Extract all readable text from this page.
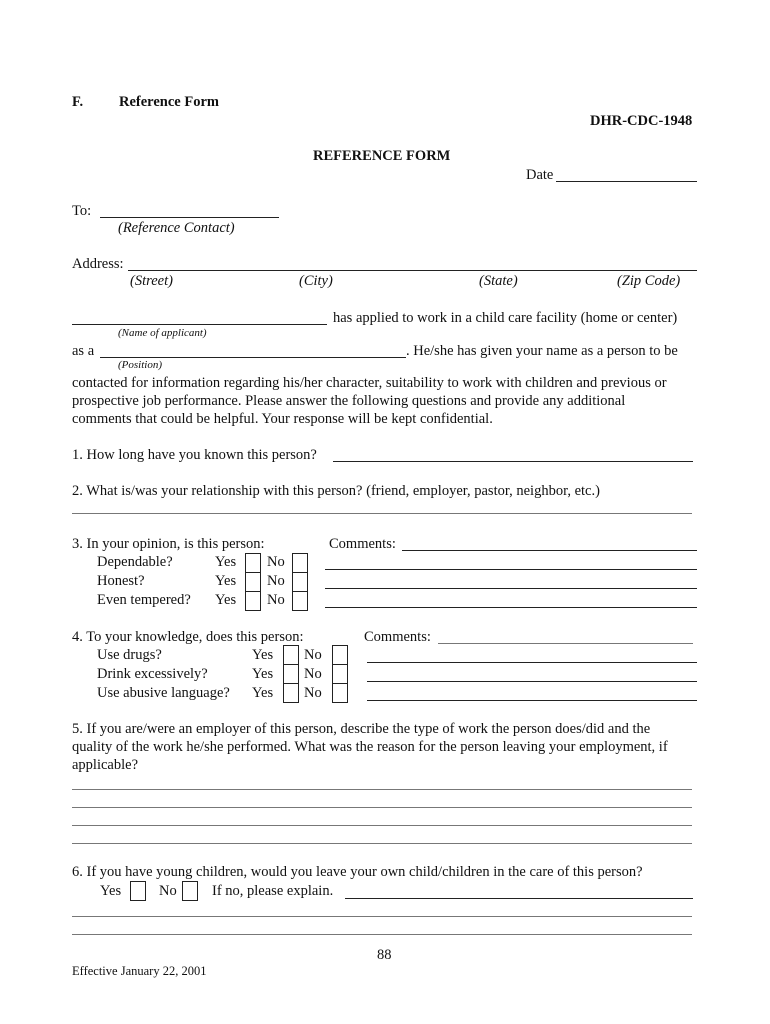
F. Reference Form
DHR-CDC-1948
REFERENCE FORM
Date
To:
(Reference Contact)
Address:
(Street)	(City)	(State)	(Zip Code)
has applied to work in a child care facility (home or center)
(Name of applicant)
as a	. He/she has given your name as a person to be
(Position)
contacted for information regarding his/her character, suitability to work with children and previous or
prospective job performance. Please answer the following questions and provide any additional
comments that could be helpful. Your response will be kept confidential.
1. How long have you known this person?
2. What is/was your relationship with this person? (friend, employer, pastor, neighbor, etc.)
3. In your opinion, is this person:	Comments:
Dependable?	Yes No
Honest?	Yes No
Even tempered? Yes No
4. To your knowledge, does this person:	Comments:
Use drugs?	Yes No
Drink excessively?	Yes No
Use abusive language? Yes No
5. If you are/were an employer of this person, describe the type of work the person does/did and the
quality of the work he/she performed. What was the reason for the person leaving your employment, if
applicable?
6. If you have young children, would you leave your own child/children in the care of this person?
Yes	No If no, please explain.
88
Effective January 22, 2001
